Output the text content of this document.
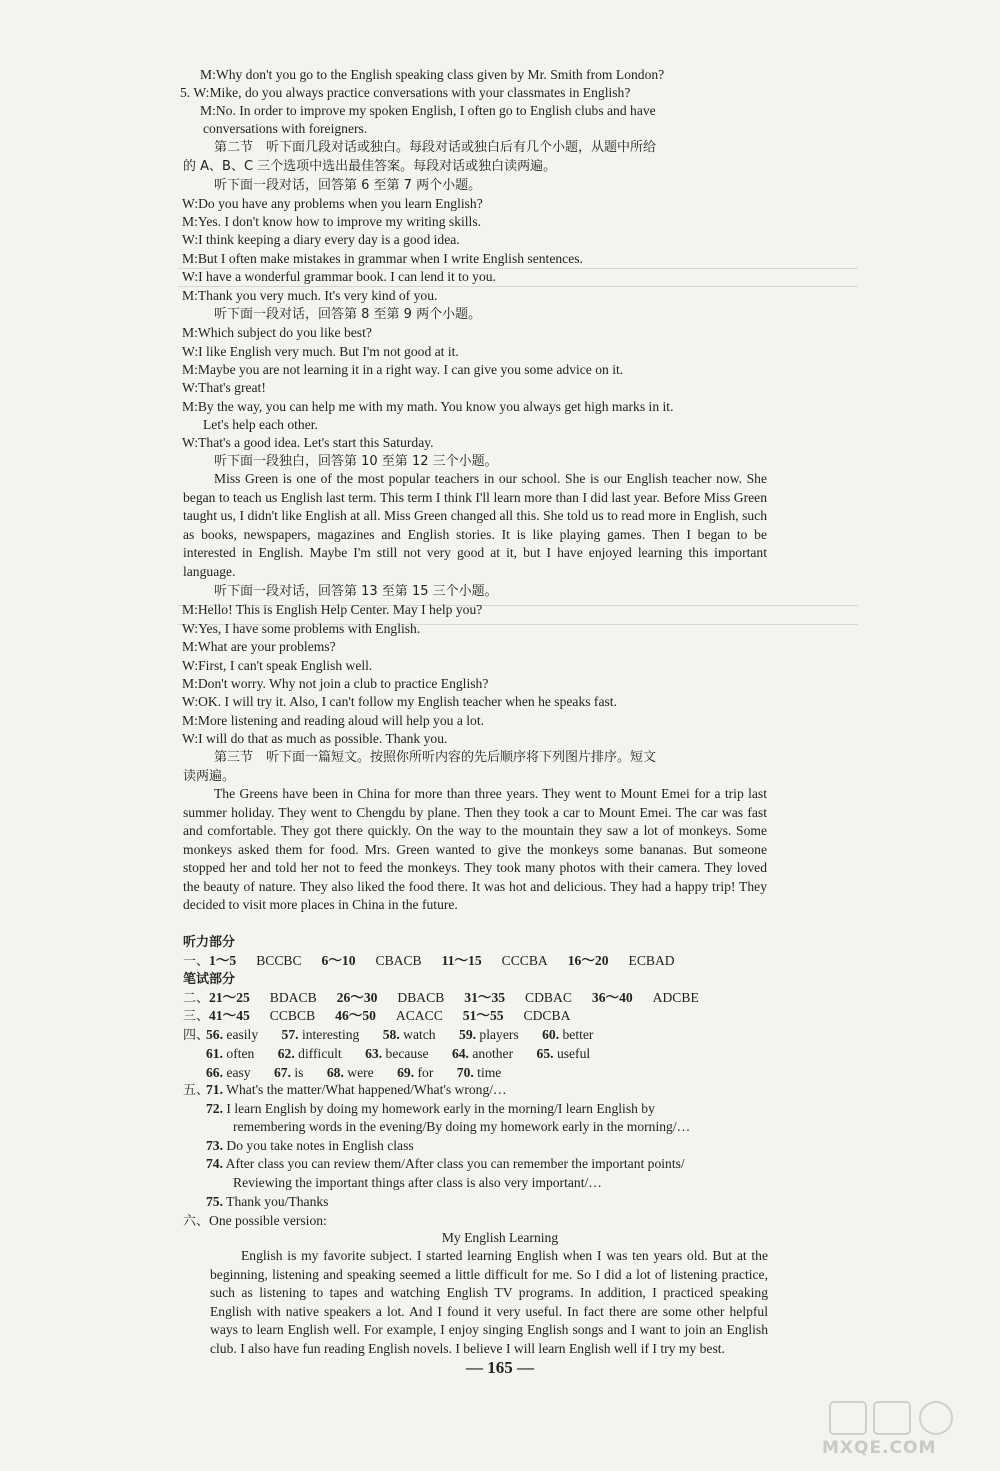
M:Why don't you go to the English speaking class given by Mr. Smith from London?
5. W:Mike, do you always practice conversations with your classmates in English?
M:No. In order to improve my spoken English, I often go to English clubs and have
conversations with foreigners.
第二节　听下面几段对话或独白。每段对话或独白后有几个小题，从题中所给
的 A、B、C 三个选项中选出最佳答案。每段对话或独白读两遍。
听下面一段对话，回答第 6 至第 7 两个小题。
W:Do you have any problems when you learn English?
M:Yes. I don't know how to improve my writing skills.
W:I think keeping a diary every day is a good idea.
M:But I often make mistakes in grammar when I write English sentences.
W:I have a wonderful grammar book. I can lend it to you.
M:Thank you very much. It's very kind of you.
听下面一段对话，回答第 8 至第 9 两个小题。
M:Which subject do you like best?
W:I like English very much. But I'm not good at it.
M:Maybe you are not learning it in a right way. I can give you some advice on it.
W:That's great!
M:By the way, you can help me with my math. You know you always get high marks in it.
Let's help each other.
W:That's a good idea. Let's start this Saturday.
听下面一段独白，回答第 10 至第 12 三个小题。
Miss Green is one of the most popular teachers in our school. She is our English teacher now. She began to teach us English last term. This term I think I'll learn more than I did last year. Before Miss Green taught us, I didn't like English at all. Miss Green changed all this. She told us to read more in English, such as books, newspapers, magazines and English stories. It is like playing games. Then I began to be interested in English. Maybe I'm still not very good at it, but I have enjoyed learning this important language.
听下面一段对话，回答第 13 至第 15 三个小题。
M:Hello! This is English Help Center. May I help you?
W:Yes, I have some problems with English.
M:What are your problems?
W:First, I can't speak English well.
M:Don't worry. Why not join a club to practice English?
W:OK. I will try it. Also, I can't follow my English teacher when he speaks fast.
M:More listening and reading aloud will help you a lot.
W:I will do that as much as possible. Thank you.
第三节　听下面一篇短文。按照你所听内容的先后顺序将下列图片排序。短文
读两遍。
The Greens have been in China for more than three years. They went to Mount Emei for a trip last summer holiday. They went to Chengdu by plane. Then they took a car to Mount Emei. The car was fast and comfortable. They got there quickly. On the way to the mountain they saw a lot of monkeys. Some monkeys asked them for food. Mrs. Green wanted to give the monkeys some bananas. But someone stopped her and told her not to feed the monkeys. They took many photos with their camera. They loved the beauty of nature. They also liked the food there. It was hot and delicious. They had a happy trip! They decided to visit more places in China in the future.
听力部分
一、1～5 BCCBC 6～10 CBACB 11～15 CCCBA 16～20 ECBAD
笔试部分
二、21～25 BDACB 26～30 DBACB 31～35 CDBAC 36～40 ADCBE
三、41～45 CCBCB 46～50 ACACC 51～55 CDCBA
四、
56. easily 57. interesting 58. watch 59. players 60. better
61. often 62. difficult 63. because 64. another 65. useful
66. easy 67. is 68. were 69. for 70. time
五、
71. What's the matter/What happened/What's wrong/…
72. I learn English by doing my homework early in the morning/I learn English by
remembering words in the evening/By doing my homework early in the morning/…
73. Do you take notes in English class
74. After class you can review them/After class you can remember the important points/
Reviewing the important things after class is also very important/…
75. Thank you/Thanks
六、One possible version:
My English Learning
English is my favorite subject. I started learning English when I was ten years old. But at the beginning, listening and speaking seemed a little difficult for me. So I did a lot of listening practice, such as listening to tapes and watching English TV programs. In addition, I practiced speaking English with native speakers a lot. And I found it very useful. In fact there are some other helpful ways to learn English well. For example, I enjoy singing English songs and I want to join an English club. I also have fun reading English novels. I believe I will learn English well if I try my best.
— 165 —
MXQE.COM
